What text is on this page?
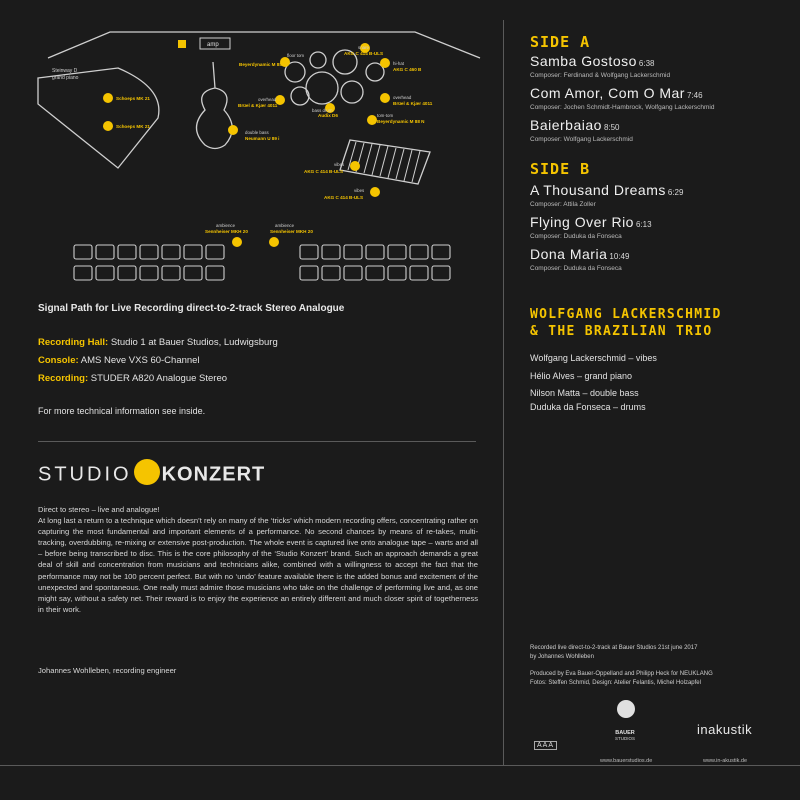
amp
Steinway D
grand piano
Schoeps MK 21
Schoeps MK 21
Beyerdynamic M 88
AKG C 414 B-ULS
AKG C 460 B
Brüel & Kjær 4011	Brüel & Kjær 4011
Audix D6
Beyerdynamic M 88 N
Neumann U 89 i
AKG C 414 B-ULS
AKG C 414 B-ULS
Sennheiser MKH 20	Sennheiser MKH 20
floor tom
snare
hi-hat
overhead	overhead
bass drum
tom-tom
double bass
vibes
vibes
ambience	ambience
Signal Path for Live Recording direct-to-2-track Stereo Analogue
Recording Hall: Studio 1 at Bauer Studios, Ludwigsburg
Console: AMS Neve VXS 60-Channel
Recording: STUDER A820 Analogue Stereo
For more technical information see inside.
STUDIO KONZERT

Direct to stereo – live and analogue!

At long last a return to a technique which doesn’t rely on many of the ‘tricks’ which modern recording offers, concentrating rather on capturing the most fundamental and important elements of a performance. No second chances by means of re-takes, multi-tracking, overdubbing, re-mixing or extensive post-production. The whole event is captured live onto analogue tape – warts and all – before being transcribed to disc. This is the core philosophy of the ‘Studio Konzert’ brand. Such an approach demands a great deal of skill and concentration from musicians and technicians alike, combined with a willingness to accept the fact that the performance may not be 100 percent perfect. But with no ‘undo’ feature available there is the added bonus and excitement of the unexpected and spontaneous. One really must admire those musicians who take on the challenge of performing live and, as one might say, without a safety net. Their reward is to enjoy the experience an entirely different and much closer spirit of togetherness in their work.

Johannes Wohlleben, recording engineer
SIDE A
Samba Gostoso 6:38
Composer: Ferdinand & Wolfgang Lackerschmid
Com Amor, Com O Mar 7:46
Composer: Jochen Schmidt-Hambrock, Wolfgang Lackerschmid
Baierbaiao 8:50
Composer: Wolfgang Lackerschmid
SIDE B
A Thousand Dreams 6:29
Composer: Attila Zoller
Flying Over Rio 6:13
Composer: Duduka da Fonseca
Dona Maria 10:49
Composer: Duduka da Fonseca
WOLFGANG LACKERSCHMID
& THE BRAZILIAN TRIO
Wolfgang Lackerschmid – vibes
Hélio Alves – grand piano
Nilson Matta – double bass
Duduka da Fonseca – drums
Recorded live direct-to-2-track at Bauer Studios 21st june 2017
by Johannes Wohlleben
Produced by Eva Bauer-Oppelland and Philipp Heck for NEUKLANG
Fotos: Steffen Schmid, Design: Atelier Felantis, Michel Holzapfel
AAA
BAUER
STUDIOS
www.bauerstudios.de
inakustik
www.in-akustik.de
